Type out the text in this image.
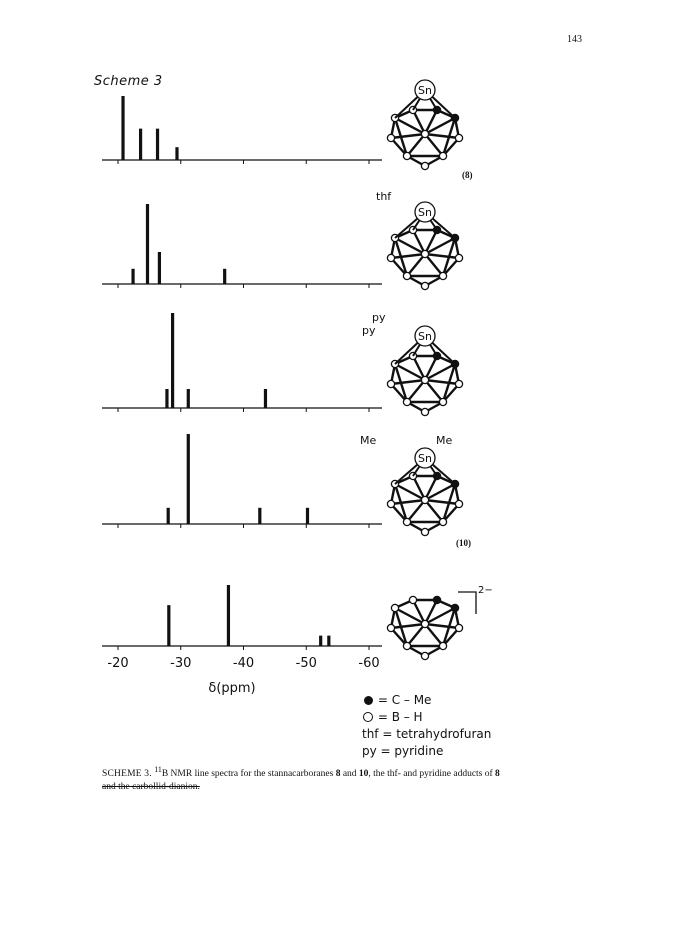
143
Scheme 3
Sn
Sn
Sn
Sn
-20	-30	-40	-50	-60
δ(ppm)
thf
py
py
Me	Me
2−
(8)
(10)
= C – Me
= B – H
thf = tetrahydrofuran
py = pyridine
SCHEME 3. $^{11}$B NMR line spectra for the stannacarboranes 8 and 10, the thf- and pyridine adducts of 8
and the carbollid-dianion.
